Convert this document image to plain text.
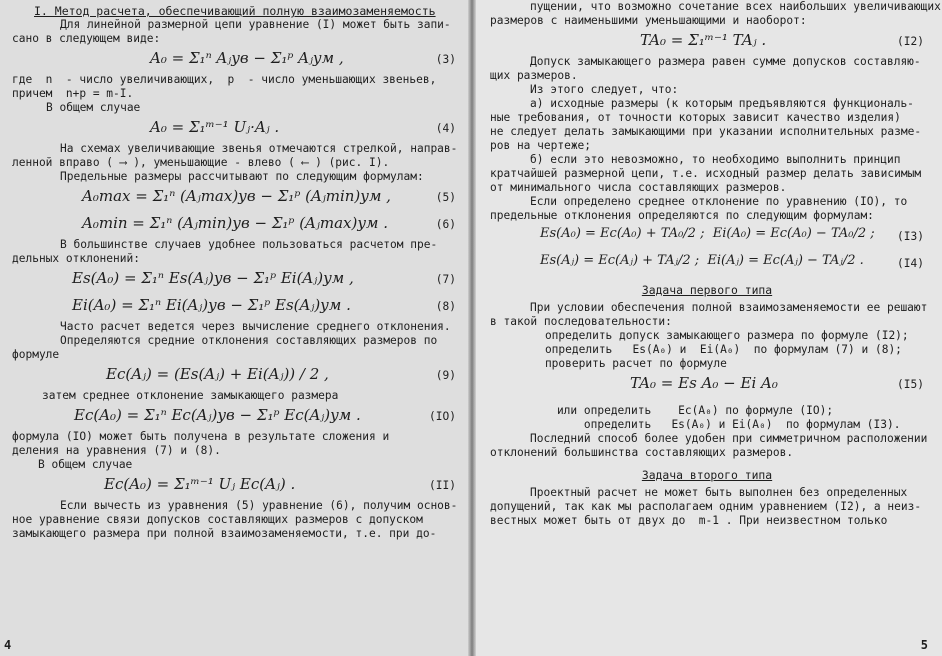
I. Метод расчета, обеспечивающий полную взаимозаменяемость
Для линейной размерной цепи уравнение (I) может быть запи-
сано в следующем виде:
A₀ = Σ₁ⁿ Aⱼув − Σ₁ᵖ Aⱼум ,	(3)
где  n  - число увеличивающих,  p  - число уменьшающих звеньев,
причем  n+p = m-I.
В общем случае
A₀ = Σ₁ᵐ⁻¹ Uⱼ·Aⱼ .	(4)
На схемах увеличивающие звенья отмечаются стрелкой, направ-
ленной вправо ( ⟶ ), уменьшающие - влево ( ⟵ ) (рис. I).
Предельные размеры рассчитывают по следующим формулам:
A₀max = Σ₁ⁿ (Aⱼmax)ув − Σ₁ᵖ (Aⱼmin)ум ,	(5)
A₀min = Σ₁ⁿ (Aⱼmin)ув − Σ₁ᵖ (Aⱼmax)ум .	(6)
В большинстве случаев удобнее пользоваться расчетом пре-
дельных отклонений:
Es(A₀) = Σ₁ⁿ Es(Aⱼ)ув − Σ₁ᵖ Ei(Aⱼ)ум ,	(7)
Ei(A₀) = Σ₁ⁿ Ei(Aⱼ)ув − Σ₁ᵖ Es(Aⱼ)ум .	(8)
Часто расчет ведется через вычисление среднего отклонения.
Определяются средние отклонения составляющих размеров по
формуле
Ec(Aⱼ) = (Es(Aⱼ) + Ei(Aⱼ)) / 2 ,	(9)
затем среднее отклонение замыкающего размера
Ec(A₀) = Σ₁ⁿ Ec(Aⱼ)ув − Σ₁ᵖ Ec(Aⱼ)ум .	(IO)
формула (IO) может быть получена в результате сложения и
деления на уравнения (7) и (8).
В общем случае
Ec(A₀) = Σ₁ᵐ⁻¹ Uⱼ Ec(Aⱼ) .	(II)
Если вычесть из уравнения (5) уравнение (6), получим основ-
ное уравнение связи допусков составляющих размеров с допуском
замыкающего размера при полной взаимозаменяемости, т.е. при до-
4
пущении, что возможно сочетание всех наибольших увеличивающих
размеров с наименьшими уменьшающими и наоборот:
TA₀ = Σ₁ᵐ⁻¹ TAⱼ .	(I2)
Допуск замыкающего размера равен сумме допусков составляю-
щих размеров.
Из этого следует, что:
а) исходные размеры (к которым предъявляются функциональ-
ные требования, от точности которых зависит качество изделия)
не следует делать замыкающими при указании исполнительных разме-
ров на чертеже;
б) если это невозможно, то необходимо выполнить принцип
кратчайшей размерной цепи, т.е. исходный размер делать зависимым
от минимального числа составляющих размеров.
Если определено среднее отклонение по уравнению (IO), то
предельные отклонения определяются по следующим формулам:
Es(A₀) = Ec(A₀) + TA₀/2 ;  Ei(A₀) = Ec(A₀) − TA₀/2 ; (I3)
Es(Aⱼ) = Ec(Aⱼ) + TAⱼ/2 ;  Ei(Aⱼ) = Ec(Aⱼ) − TAⱼ/2 .	(I4)
Задача первого типа
При условии обеспечения полной взаимозаменяемости ее решают
в такой последовательности:
определить допуск замыкающего размера по формуле (I2);
определить   Es(A₀) и  Ei(A₀)  по формулам (7) и (8);
проверить расчет по формуле
TA₀ = Es A₀ − Ei A₀	(I5)
или определить    Ec(A₀) по формуле (IO);
определить   Es(A₀) и Ei(A₀)  по формулам (I3).
Последний способ более удобен при симметричном расположении
отклонений большинства составляющих размеров.
Задача второго типа
Проектный расчет не может быть выполнен без определенных
допущений, так как мы располагаем одним уравнением (I2), а неиз-
вестных может быть от двух до  m-1 . При неизвестном только
5
